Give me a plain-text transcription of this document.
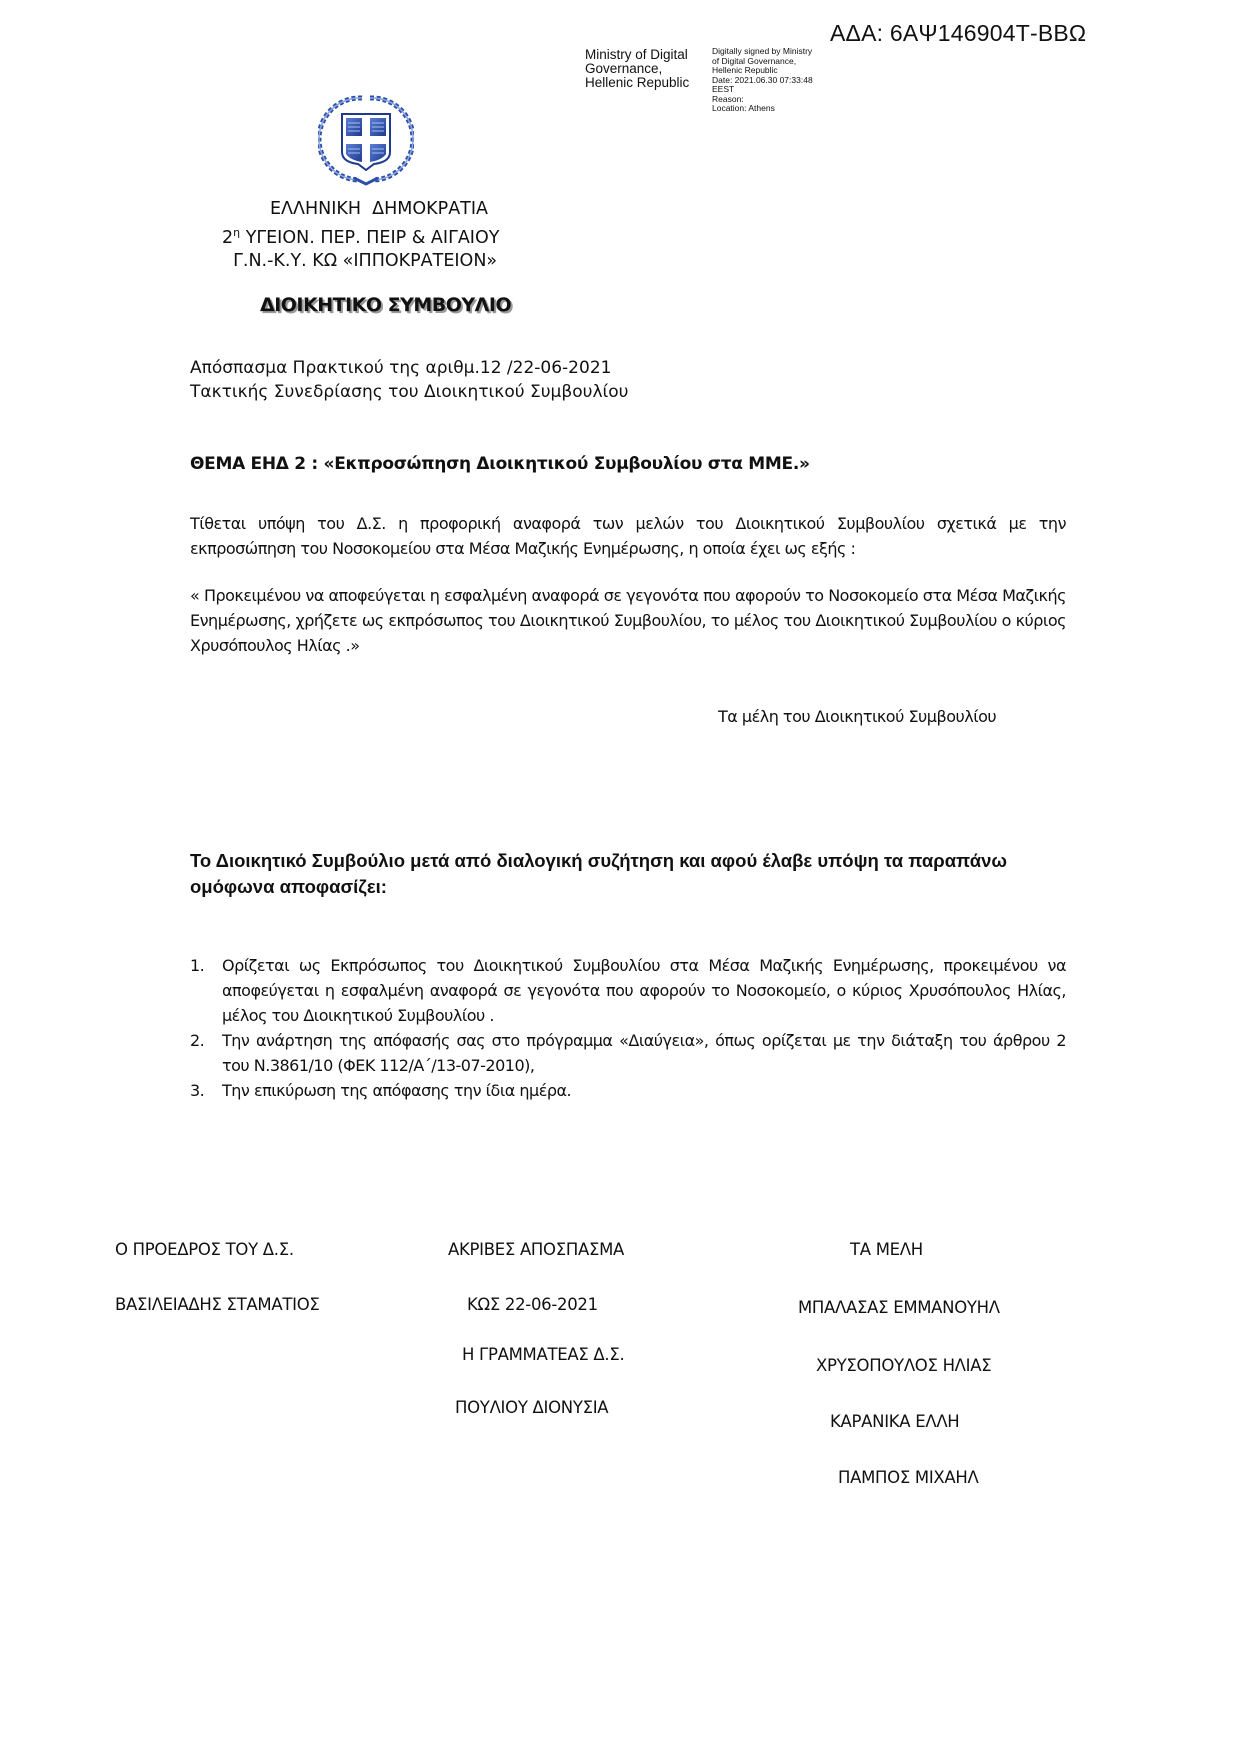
ΑΔΑ: 6ΑΨ146904Τ-ΒΒΩ
Ministry of Digital
Governance,
Hellenic Republic
Digitally signed by Ministry
of Digital Governance,
Hellenic Republic
Date: 2021.06.30 07:33:48
EEST
Reason:
Location: Athens
ΕΛΛΗΝΙΚΗ  ΔΗΜΟΚΡΑΤΙΑ
$2^\eta$ ΥΓΕΙΟΝ. ΠΕΡ. ΠΕΙΡ & ΑΙΓΑΙΟΥ
Γ.Ν.-Κ.Υ. ΚΩ «ΙΠΠΟΚΡΑΤΕΙΟΝ»
ΔΙΟΙΚΗΤΙΚΟ ΣΥΜΒΟΥΛΙΟ
Απόσπασμα Πρακτικού της αριθμ.12 /22-06-2021
Τακτικής Συνεδρίασης του Διοικητικού Συμβουλίου
ΘΕΜΑ ΕΗΔ 2 : «Εκπροσώπηση Διοικητικού Συμβουλίου στα ΜΜΕ.»
Τίθεται υπόψη του Δ.Σ. η προφορική αναφορά των μελών του Διοικητικού Συμβουλίου σχετικά με την εκπροσώπηση του Νοσοκομείου στα Μέσα Μαζικής Ενημέρωσης, η οποία έχει ως εξής :
« Προκειμένου να αποφεύγεται η εσφαλμένη αναφορά σε γεγονότα που αφορούν το Νοσοκομείο στα Μέσα Μαζικής Ενημέρωσης, χρήζετε ως εκπρόσωπος του Διοικητικού Συμβουλίου, το μέλος του Διοικητικού Συμβουλίου ο κύριος Χρυσόπουλος Ηλίας .»
Τα μέλη του Διοικητικού Συμβουλίου
Το Διοικητικό Συμβούλιο μετά από διαλογική συζήτηση και αφού έλαβε υπόψη τα παραπάνω ομόφωνα αποφασίζει:
1.	Ορίζεται ως Εκπρόσωπος του Διοικητικού Συμβουλίου στα Μέσα Μαζικής Ενημέρωσης, προκειμένου να αποφεύγεται η εσφαλμένη αναφορά σε γεγονότα που αφορούν το Νοσοκομείο, ο κύριος Χρυσόπουλος Ηλίας, μέλος του Διοικητικού Συμβουλίου .
2.	Την ανάρτηση της απόφασής σας στο πρόγραμμα «Διαύγεια», όπως ορίζεται με την διάταξη του άρθρου 2 του Ν.3861/10 (ΦΕΚ 112/Α΄/13-07-2010),
3.	Την επικύρωση της απόφασης την ίδια ημέρα.
Ο ΠΡΟΕΔΡΟΣ ΤΟΥ Δ.Σ.
ΒΑΣΙΛΕΙΑΔΗΣ ΣΤΑΜΑΤΙΟΣ
ΑΚΡΙΒΕΣ ΑΠΟΣΠΑΣΜΑ
ΚΩΣ 22-06-2021
Η ΓΡΑΜΜΑΤΕΑΣ Δ.Σ.
ΠΟΥΛΙΟΥ ΔΙΟΝΥΣΙΑ
ΤΑ ΜΕΛΗ
ΜΠΑΛΑΣΑΣ ΕΜΜΑΝΟΥΗΛ
ΧΡΥΣΟΠΟΥΛΟΣ ΗΛΙΑΣ
ΚΑΡΑΝΙΚΑ ΕΛΛΗ
ΠΑΜΠΟΣ ΜΙΧΑΗΛ
